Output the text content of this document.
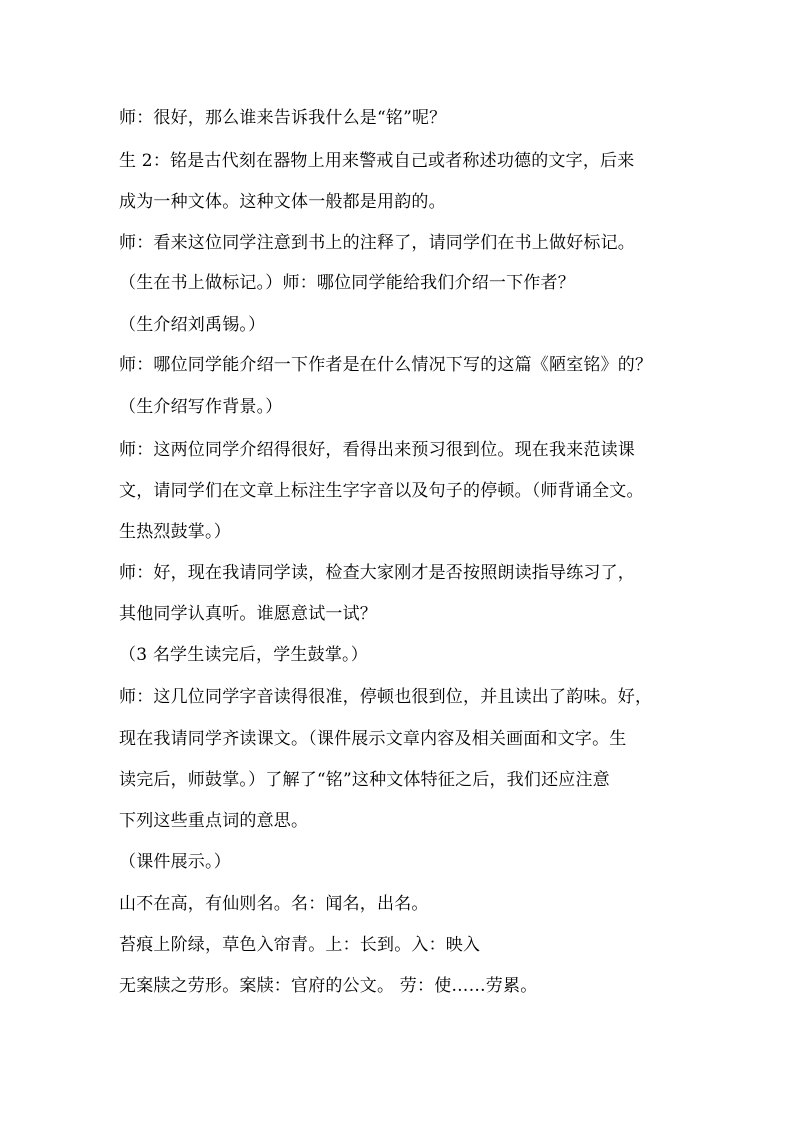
师：很好，那么谁来告诉我什么是“铭”呢？
生 2：铭是古代刻在器物上用来警戒自己或者称述功德的文字，后来
成为一种文体。这种文体一般都是用韵的。
师：看来这位同学注意到书上的注释了，请同学们在书上做好标记。
（生在书上做标记。）师：哪位同学能给我们介绍一下作者？
（生介绍刘禹锡。）
师：哪位同学能介绍一下作者是在什么情况下写的这篇《陋室铭》的？
（生介绍写作背景。）
师：这两位同学介绍得很好，看得出来预习很到位。现在我来范读课
文，请同学们在文章上标注生字字音以及句子的停顿。（师背诵全文。
生热烈鼓掌。）
师：好，现在我请同学读，检查大家刚才是否按照朗读指导练习了，
其他同学认真听。谁愿意试一试？
（3 名学生读完后，学生鼓掌。）
师：这几位同学字音读得很准，停顿也很到位，并且读出了韵味。好，
现在我请同学齐读课文。（课件展示文章内容及相关画面和文字。生
读完后，师鼓掌。）了解了“铭”这种文体特征之后，我们还应注意
下列这些重点词的意思。
（课件展示。）
山不在高，有仙则名。名：闻名，出名。
苔痕上阶绿，草色入帘青。上：长到。入：映入
无案牍之劳形。案牍：官府的公文。 劳：使……劳累。
